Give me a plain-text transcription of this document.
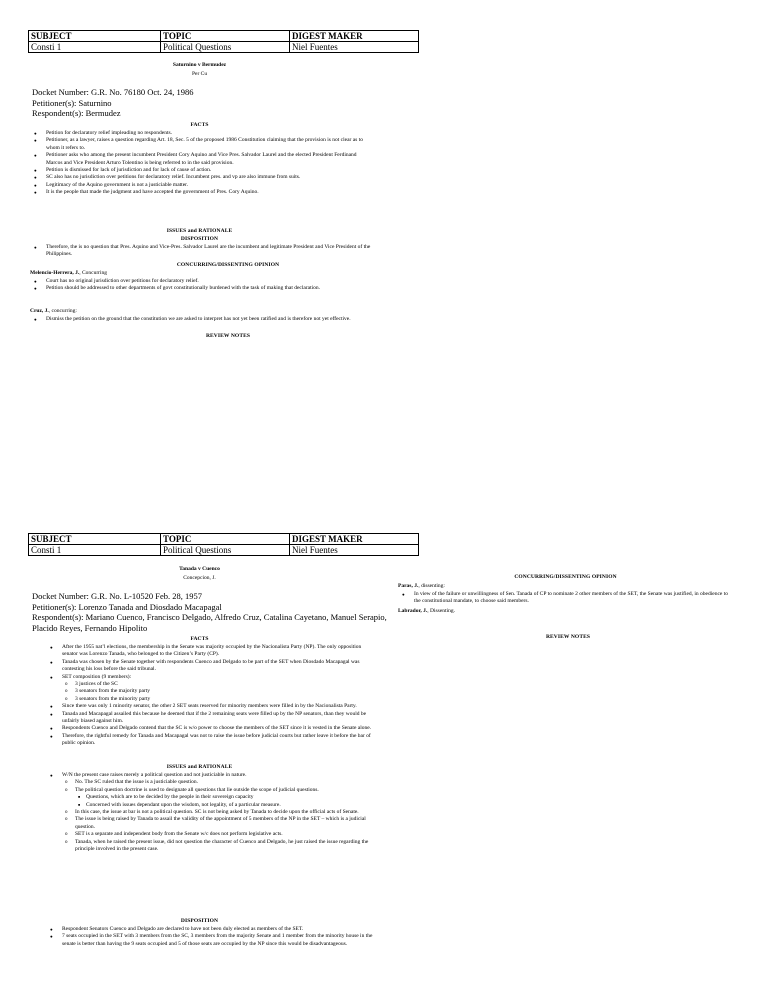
SUBJECT	TOPIC	DIGEST MAKER
Consti 1	Political Questions	Niel Fuentes
Saturnino v Bermudez
Per Cu
Docket Number: G.R. No. 76180 Oct. 24, 1986
Petitioner(s): Saturnino
Respondent(s): Bermudez
FACTS
● Petition for declaratory relief impleading no respondents.
● Petitioner, as a lawyer, raises a question regarding Art. 18, Sec. 5 of the proposed 1986 Constitution claiming that the provision is not clear as to whom it refers to.
● Petitioner asks who among the present incumbent President Cory Aquino and Vice Pres. Salvador Laurel and the elected President Ferdinand Marcos and Vice President Arturo Tolentino is being referred to in the said provision.
● Petition is dismissed for lack of jurisdiction and for lack of cause of action.
● SC also has no jurisdiction over petitions for declaratory relief. Incumbent pres. and vp are also immune from suits.
● Legitimacy of the Aquino government is not a justiciable matter.
● It is the people that made the judgment and have accepted the government of Pres. Cory Aquino.
ISSUES and RATIONALE
DISPOSITION
● Therefore, the is no question that Pres. Aquino and Vice-Pres. Salvador Laurel are the incumbent and legitimate President and Vice President of the Philippines.
CONCURRING/DISSENTING OPINION
Melencio-Herrera, J., Concurring
● Court has no original jurisdiction over petitions for declaratory relief.
● Petition should be addressed to other departments of govt constitutionally burdened with the task of making that declaration.
Cruz, J., concurring:
● Dismiss the petition on the ground that the constitution we are asked to interpret has not yet been ratified and is therefore not yet effective.
REVIEW NOTES
SUBJECT	TOPIC	DIGEST MAKER
Consti 1	Political Questions	Niel Fuentes
Tanada v Cuenco
Concepcion, J.
Docket Number: G.R. No. L-10520 Feb. 28, 1957
Petitioner(s): Lorenzo Tanada and Diosdado Macapagal
Respondent(s): Mariano Cuenco, Francisco Delgado, Alfredo Cruz, Catalina Cayetano, Manuel Serapio, Placido Reyes, Fernando Hipolito
FACTS
● After the 1955 nat’l elections, the membership in the Senate was majority occupied by the Nacionalista Party (NP). The only opposition senator was Lorenzo Tanada, who belonged to the Citizen’s Party (CP).
● Tanada was chosen by the Senate together with respondents Cuenco and Delgado to be part of the SET when Diosdado Macapagal was contesting his loss before the said tribunal.
● SET composition (9 members):
o 3 justices of the SC
o 3 senators from the majority party
o 3 senators from the minority party
● Since there was only 1 minority senator, the other 2 SET seats reserved for minority members were filled in by the Nacionalista Party.
● Tanada and Macapagal assailed this because he deemed that if the 2 remaining seats were filled up by the NP senators, than they would be unfairly biased against him.
● Respondents Cuenco and Delgado contend that the SC is w/o power to choose the members of the SET since it is vested in the Senate alone.
● Therefore, the rightful remedy for Tanada and Macapagal was not to raise the issue before judicial courts but rather leave it before the bar of public opinion.
ISSUES and RATIONALE
● W/N the present case raises merely a political question and not justiciable in nature.
o No. The SC ruled that the issue is a justiciable question.
o The political question doctrine is used to designate all questions that lie outside the scope of judicial questions.
■ Questions, which are to be decided by the people in their sovereign capacity
■ Concerned with issues dependant upon the wisdom, not legality, of a particular measure.
o In this case, the issue at bar is not a political question. SC is not being asked by Tanada to decide upon the official acts of Senate.
o The issue is being raised by Tanada to assail the validity of the appointment of 5 members of the NP in the SET – which is a judicial question.
o SET is a separate and independent body from the Senate w/c does not perform legislative acts.
o Tanada, when he raised the present issue, did not question the character of Cuenco and Delgado, he just raised the issue regarding the principle involved in the present case.
DISPOSITION
● Respondent Senators Cuenco and Delgado are declared to have not been duly elected as members of the SET.
● 7 seats occupied in the SET with 3 members from the SC, 3 members from the majority Senate and 1 member from the minority house in the senate is better than having the 9 seats occupied and 5 of those seats are occupied by the NP since this would be disadvantageous.
CONCURRING/DISSENTING OPINION
Paras, J., dissenting:
● In view of the failure or unwillingness of Sen. Tanada of CP to nominate 2 other members of the SET, the Senate was justified, in obedience to the constitutional mandate, to choose said members.
Labrador, J., Dissenting.
REVIEW NOTES
